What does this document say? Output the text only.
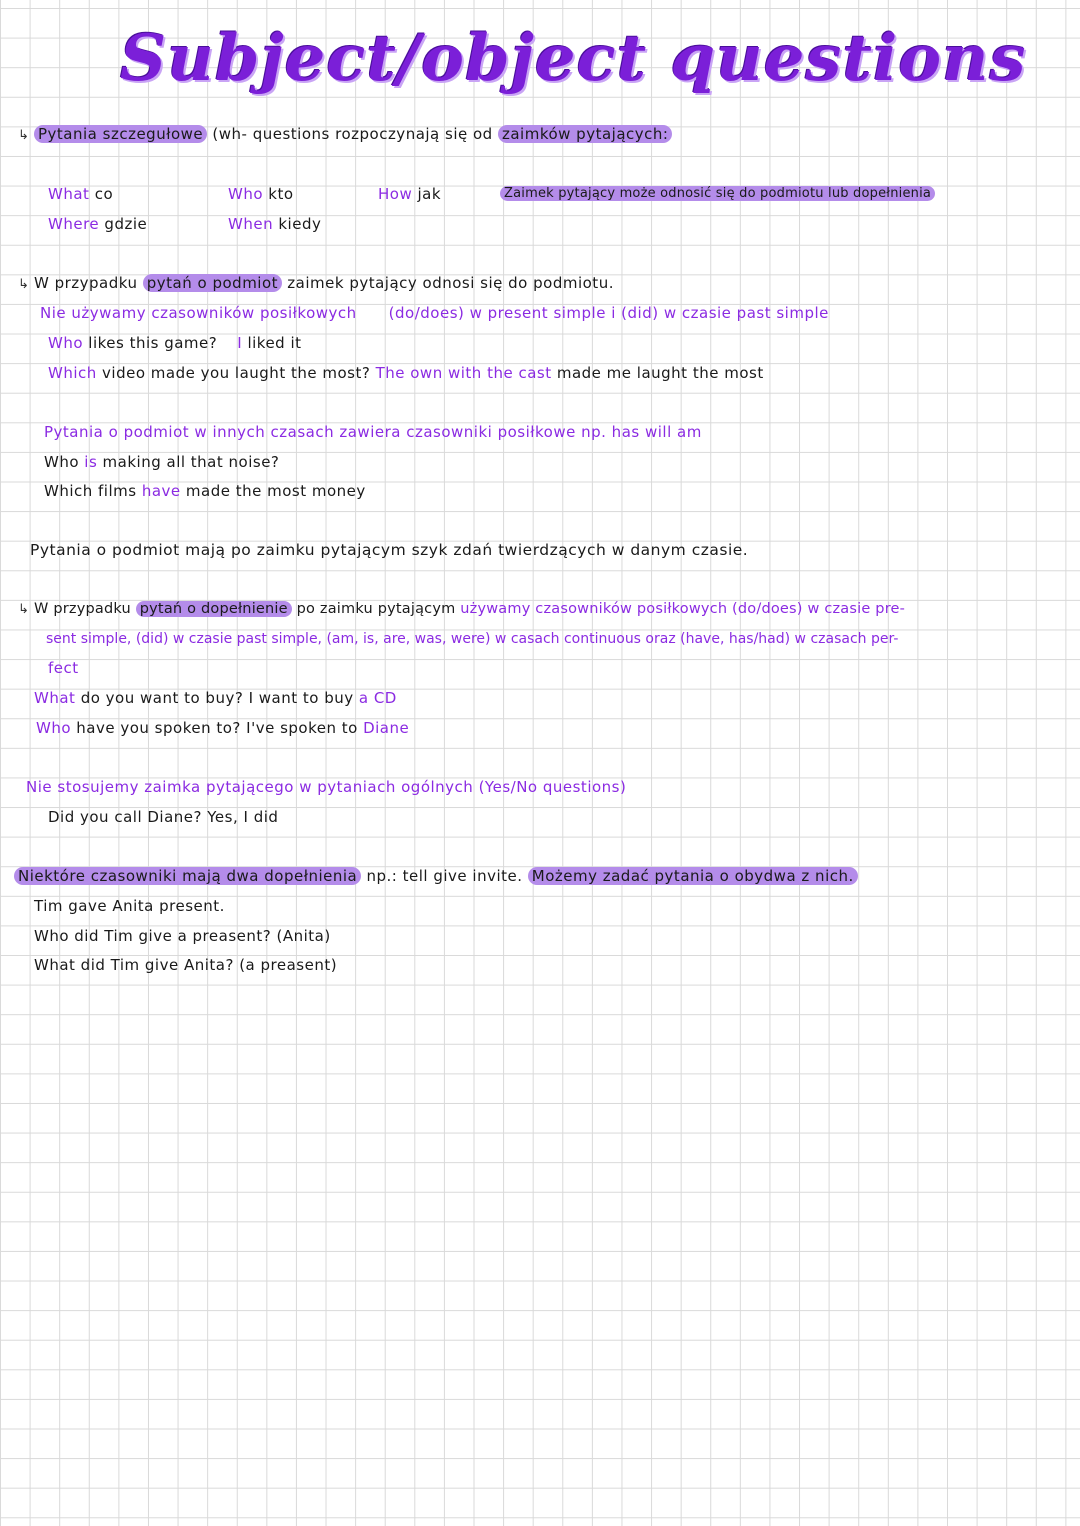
Subject/object questions
↳ Pytania szczegułowe (wh- questions rozpoczynają się od zaimków pytających:
What co	Who kto	How jak	Zaimek pytający może odnosić się do podmiotu lub dopełnienia
Where gdzie	When kiedy
↳ W przypadku pytań o podmiot zaimek pytający odnosi się do podmiotu.
Nie używamy czasowników posiłkowych (do/does) w present simple i (did) w czasie past simple
Who likes this game? I liked it
Which video made you laught the most? The own with the cast made me laught the most
Pytania o podmiot w innych czasach zawiera czasowniki posiłkowe np. has will am
Who is making all that noise?
Which films have made the most money
Pytania o podmiot mają po zaimku pytającym szyk zdań twierdzących w danym czasie.
↳ W przypadku pytań o dopełnienie po zaimku pytającym używamy czasowników posiłkowych (do/does) w czasie pre-
sent simple, (did) w czasie past simple, (am, is, are, was, were) w casach continuous oraz (have, has/had) w czasach per-
fect
What do you want to buy? I want to buy a CD
Who have you spoken to? I've spoken to Diane
Nie stosujemy zaimka pytającego w pytaniach ogólnych (Yes/No questions)
Did you call Diane? Yes, I did
Niektóre czasowniki mają dwa dopełnienia np.: tell give invite. Możemy zadać pytania o obydwa z nich.
Tim gave Anita present.
Who did Tim give a preasent? (Anita)
What did Tim give Anita? (a preasent)
